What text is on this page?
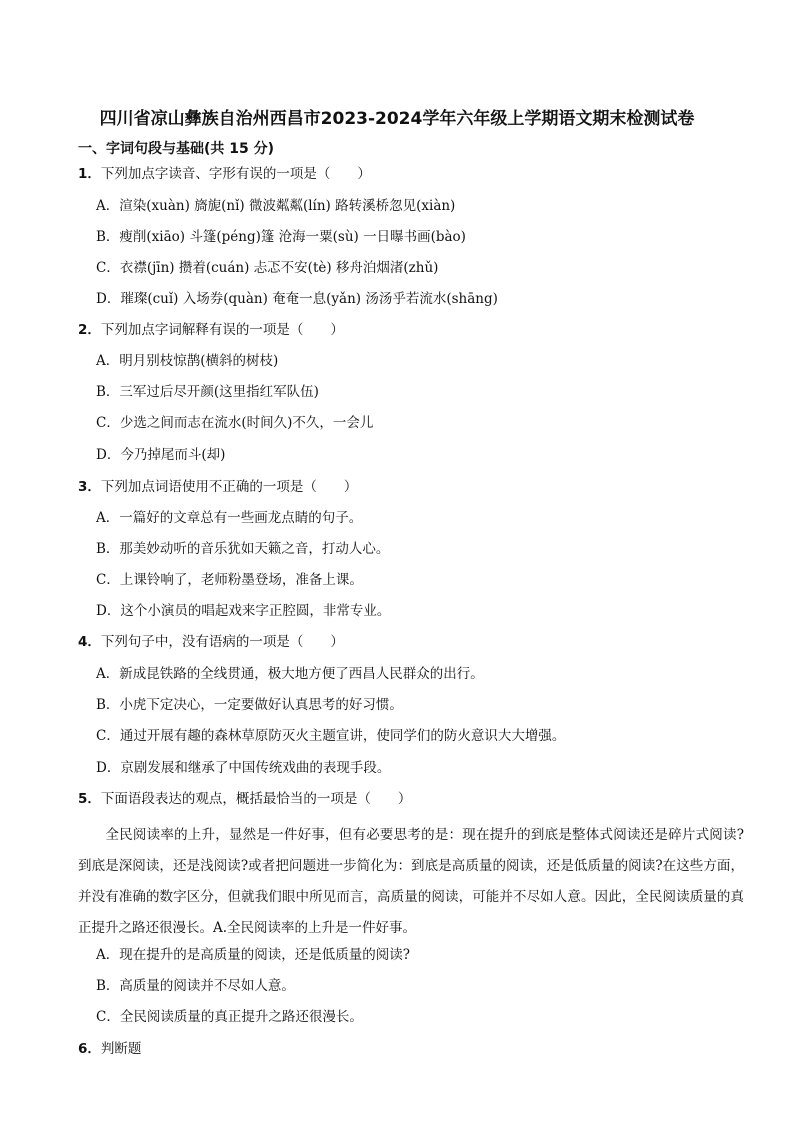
四川省凉山彝族自治州西昌市2023-2024学年六年级上学期语文期末检测试卷
一、字词句段与基础(共 15 分)
1．下列加点字读音、字形有误的一项是（　　）
A．渲染(xuàn) 旖旎(nǐ) 微波粼粼(lín) 路转溪桥忽见(xiàn)
B．瘦削(xiāo) 斗篷(péng)篷 沧海一粟(sù) 一日曝书画(bào)
C．衣襟(jīn) 攒着(cuán) 忐忑不安(tè) 移舟泊烟渚(zhǔ)
D．璀璨(cuǐ) 入场券(quàn) 奄奄一息(yǎn) 汤汤乎若流水(shāng)
2．下列加点字词解释有误的一项是（　　）
A．明月别枝惊鹊(横斜的树枝)
B．三军过后尽开颜(这里指红军队伍)
C．少选之间而志在流水(时间久)不久，一会儿
D．今乃掉尾而斗(却)
3．下列加点词语使用不正确的一项是（　　）
A．一篇好的文章总有一些画龙点睛的句子。
B．那美妙动听的音乐犹如天籁之音，打动人心。
C．上课铃响了，老师粉墨登场，准备上课。
D．这个小演员的唱起戏来字正腔圆，非常专业。
4．下列句子中，没有语病的一项是（　　）
A．新成昆铁路的全线贯通，极大地方便了西昌人民群众的出行。
B．小虎下定决心，一定要做好认真思考的好习惯。
C．通过开展有趣的森林草原防灭火主题宣讲，使同学们的防火意识大大增强。
D．京剧发展和继承了中国传统戏曲的表现手段。
5．下面语段表达的观点，概括最恰当的一项是（　　）
　　全民阅读率的上升，显然是一件好事，但有必要思考的是：现在提升的到底是整体式阅读还是碎片式阅读?到底是深阅读，还是浅阅读?或者把问题进一步简化为：到底是高质量的阅读，还是低质量的阅读?在这些方面，并没有准确的数字区分，但就我们眼中所见而言，高质量的阅读，可能并不尽如人意。因此，全民阅读质量的真正提升之路还很漫长。A.全民阅读率的上升是一件好事。
A．现在提升的是高质量的阅读，还是低质量的阅读?
B．高质量的阅读并不尽如人意。
C．全民阅读质量的真正提升之路还很漫长。
6．判断题
